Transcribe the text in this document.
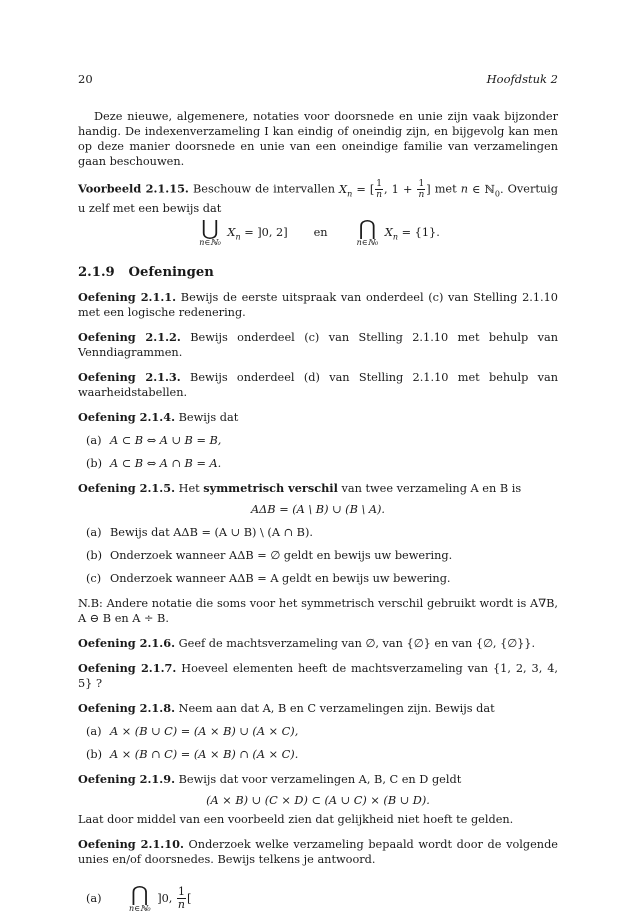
20	Hoofdstuk 2

Deze nieuwe, algemenere, notaties voor doorsnede en unie zijn vaak bijzonder handig. De indexenverzameling I kan eindig of oneindig zijn, en bijgevolg kan men op deze manier doorsnede en unie van een oneindige familie van verzamelingen gaan beschouwen.

Voorbeeld 2.1.15. Beschouw de intervallen $X_n$ = [ $\frac{1}{n}$ , $1 + \frac{1}{n}$ ] met n ∈ ℕ$_0$. Overtuig u zelf met een bewijs dat

⋃
n∈ℕ₀
$X_n = ]0$, 2] en ⋂
n∈ℕ₀
$X_n = \{1\}$.
2.1.9 Oefeningen

Oefening 2.1.1. Bewijs de eerste uitspraak van onderdeel (c) van Stelling 2.1.10 met een logische redenering.

Oefening 2.1.2. Bewijs onderdeel (c) van Stelling 2.1.10 met behulp van Venndiagrammen.

Oefening 2.1.3. Bewijs onderdeel (d) van Stelling 2.1.10 met behulp van waarheidstabellen.

Oefening 2.1.4. Bewijs dat

(a) A ⊂ B ⇔ A ∪ B = B,
(b) A ⊂ B ⇔ A ∩ B = A.

Oefening 2.1.5. Het symmetrisch verschil van twee verzameling A en B is

AΔB = (A \ B) ∪ (B \ A).
(a) Bewijs dat AΔB = (A ∪ B) \ (A ∩ B).
(b) Onderzoek wanneer AΔB = ∅ geldt en bewijs uw bewering.
(c) Onderzoek wanneer AΔB = A geldt en bewijs uw bewering.

N.B: Andere notatie die soms voor het symmetrisch verschil gebruikt wordt is A∇B, A ⊖ B en A ÷ B.

Oefening 2.1.6. Geef de machtsverzameling van ∅, van {∅} en van {∅, {∅}}.

Oefening 2.1.7. Hoeveel elementen heeft de machtsverzameling van {1, 2, 3, 4, 5} ?

Oefening 2.1.8. Neem aan dat A, B en C verzamelingen zijn. Bewijs dat

(a) A × (B ∪ C) = (A × B) ∪ (A × C),
(b) A × (B ∩ C) = (A × B) ∩ (A × C).

Oefening 2.1.9. Bewijs dat voor verzamelingen A, B, C en D geldt

(A × B) ∪ (C × D) ⊂ (A ∪ C) × (B ∪ D).

Laat door middel van een voorbeeld zien dat gelijkheid niet hoeft te gelden.

Oefening 2.1.10. Onderzoek welke verzameling bepaald wordt door de volgende unies en/of doorsnedes. Bewijs telkens je antwoord.

(a)	⋂
n∈ℕ₀
]0, $\frac{1}{n}$ [
